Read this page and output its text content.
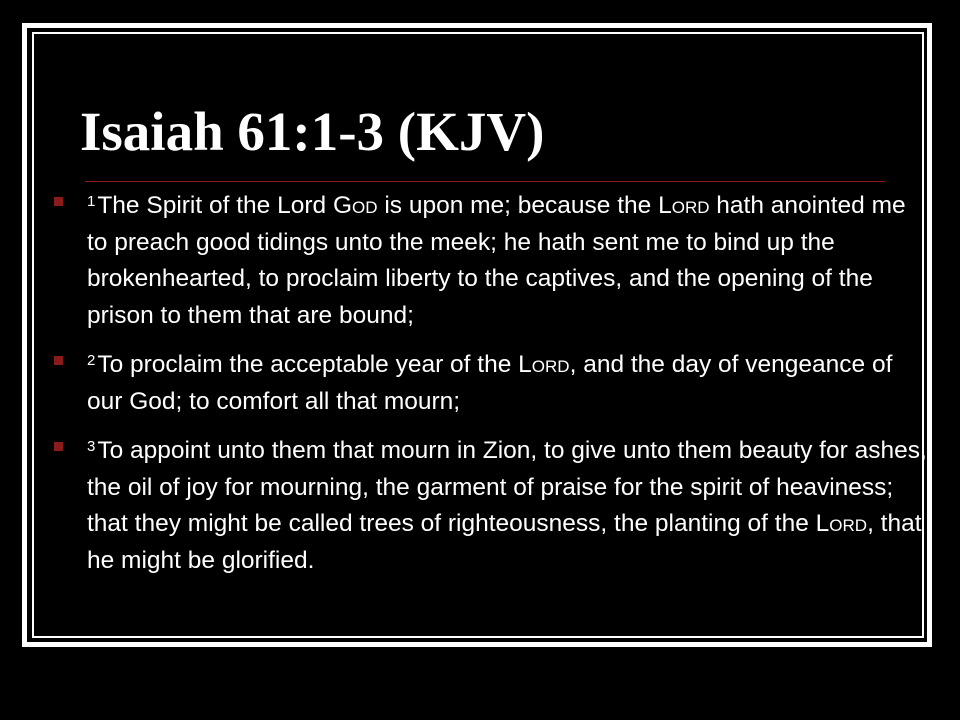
Isaiah 61:1-3 (KJV)
$^1$The Spirit of the Lord God is upon me; because the Lord hath anointed me to preach good tidings unto the meek; he hath sent me to bind up the brokenhearted, to proclaim liberty to the captives, and the opening of the prison to them that are bound;
$^2$To proclaim the acceptable year of the Lord, and the day of vengeance of our God; to comfort all that mourn;
$^3$To appoint unto them that mourn in Zion, to give unto them beauty for ashes, the oil of joy for mourning, the garment of praise for the spirit of heaviness; that they might be called trees of righteousness, the planting of the Lord, that he might be glorified.
